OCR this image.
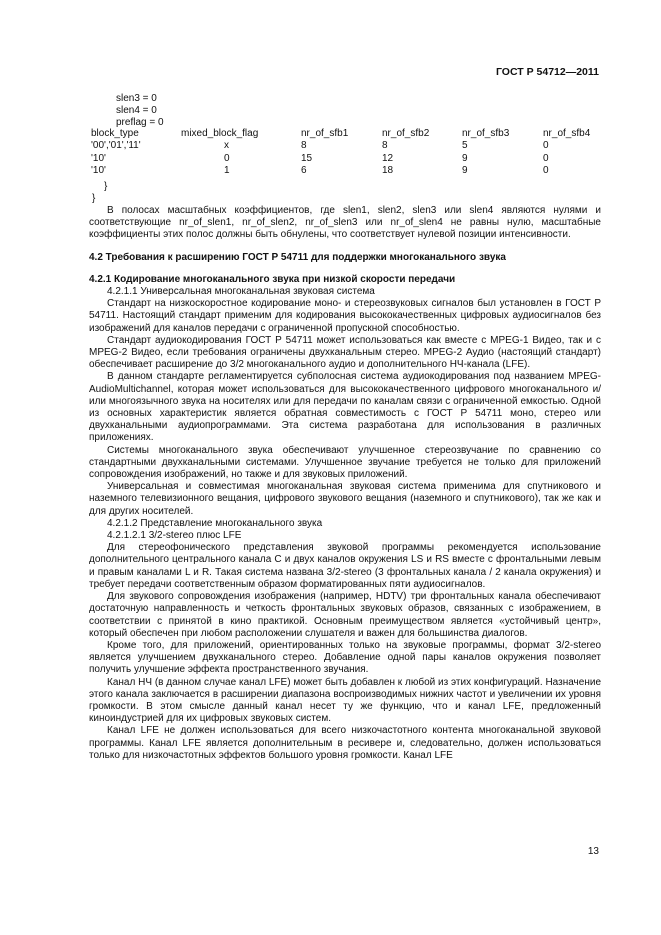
ГОСТ Р 54712—2011
slen3 = 0
slen4 = 0
preflag = 0
block_type	mixed_block_flag	nr_of_sfb1	nr_of_sfb2	nr_of_sfb3	nr_of_sfb4
'00','01','11'	x	8	8	5	0
'10'	0	15	12	9	0
'10'	1	6	18	9	0
}
}

В полосах масштабных коэффициентов, где slen1, slen2, slen3 или slen4 являются нулями и соответствующие nr_of_slen1, nr_of_slen2, nr_of_slen3 или nr_of_slen4 не равны нулю, масштабные коэффициенты этих полос должны быть обнулены, что соответствует нулевой позиции интенсивности.

4.2 Требования к расширению ГОСТ Р 54711 для поддержки многоканального звука

4.2.1 Кодирование многоканального звука при низкой скорости передачи

4.2.1.1 Универсальная многоканальная звуковая система

Стандарт на низкоскоростное кодирование моно- и стереозвуковых сигналов был установлен в ГОСТ Р 54711. Настоящий стандарт применим для кодирования высококачественных цифровых аудиосигналов без изображений для каналов передачи с ограниченной пропускной способностью.

Стандарт аудиокодирования ГОСТ Р 54711 может использоваться как вместе с MPEG-1 Видео, так и с MPEG-2 Видео, если требования ограничены двухканальным стерео. MPEG-2 Аудио (настоящий стандарт) обеспечивает расширение до 3/2 многоканального аудио и дополнительного НЧ-канала (LFE).

В данном стандарте регламентируется субполосная система аудиокодирования под названием MPEG-AudioMultichannel, которая может использоваться для высококачественного цифрового многоканального и/или многоязычного звука на носителях или для передачи по каналам связи с ограниченной емкостью. Одной из основных характеристик является обратная совместимость с ГОСТ Р 54711 моно, стерео или двухканальными аудиопрограммами. Эта система разработана для использования в различных приложениях.

Системы многоканального звука обеспечивают улучшенное стереозвучание по сравнению со стандартными двухканальными системами. Улучшенное звучание требуется не только для приложений сопровождения изображений, но также и для звуковых приложений.

Универсальная и совместимая многоканальная звуковая система применима для спутникового и наземного телевизионного вещания, цифрового звукового вещания (наземного и спутникового), так же как и для других носителей.

4.2.1.2 Представление многоканального звука

4.2.1.2.1 3/2-stereo плюс LFE

Для стереофонического представления звуковой программы рекомендуется использование дополнительного центрального канала C и двух каналов окружения LS и RS вместе с фронтальными левым и правым каналами L и R. Такая система названа 3/2-stereo (3 фронтальных канала / 2 канала окружения) и требует передачи соответственным образом форматированных пяти аудиосигналов.

Для звукового сопровождения изображения (например, HDTV) три фронтальных канала обеспечивают достаточную направленность и четкость фронтальных звуковых образов, связанных с изображением, в соответствии с принятой в кино практикой. Основным преимуществом является «устойчивый центр», который обеспечен при любом расположении слушателя и важен для большинства диалогов.

Кроме того, для приложений, ориентированных только на звуковые программы, формат 3/2-stereo является улучшением двухканального стерео. Добавление одной пары каналов окружения позволяет получить улучшение эффекта пространственного звучания.

Канал НЧ (в данном случае канал LFE) может быть добавлен к любой из этих конфигураций. Назначение этого канала заключается в расширении диапазона воспроизводимых нижних частот и увеличении их уровня громкости. В этом смысле данный канал несет ту же функцию, что и канал LFE, предложенный киноиндустрией для их цифровых звуковых систем.

Канал LFE не должен использоваться для всего низкочастотного контента многоканальной звуковой программы. Канал LFE является дополнительным в ресивере и, следовательно, должен использоваться только для низкочастотных эффектов большого уровня громкости. Канал LFE

13
